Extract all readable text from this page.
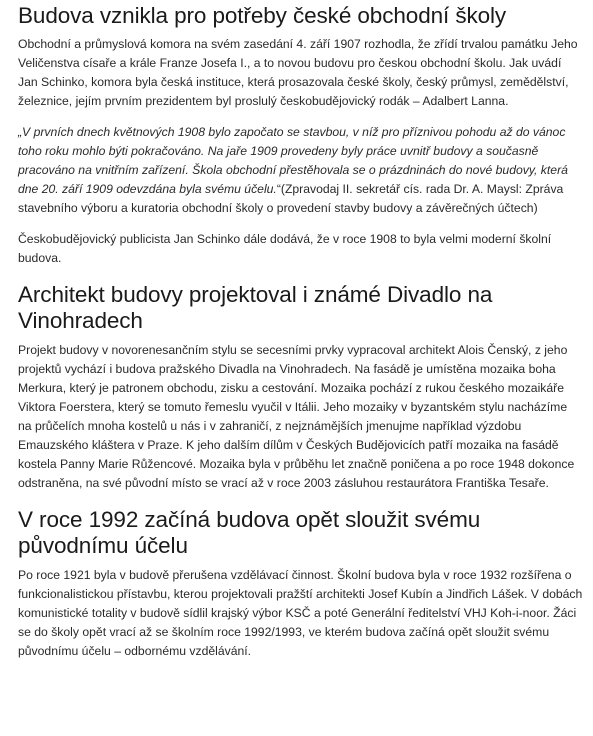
Budova vznikla pro potřeby české obchodní školy

Obchodní a průmyslová komora na svém zasedání 4. září 1907 rozhodla, že zřídí trvalou památku Jeho Veličenstva císaře a krále Franze Josefa I., a to novou budovu pro českou obchodní školu. Jak uvádí Jan Schinko, komora byla česká instituce, která prosazovala české školy, český průmysl, zemědělství, železnice, jejím prvním prezidentem byl proslulý českobudějovický rodák – Adalbert Lanna.

„V prvních dnech květnových 1908 bylo započato se stavbou, v níž pro příznivou pohodu až do vánoc toho roku mohlo býti pokračováno. Na jaře 1909 provedeny byly práce uvnitř budovy a současně pracováno na vnitřním zařízení. Škola obchodní přestěhovala se o prázdninách do nové budovy, která dne 20. září 1909 odevzdána byla svému účelu.“(Zpravodaj II. sekretář cís. rada Dr. A. Maysl: Zpráva stavebního výboru a kuratoria obchodní školy o provedení stavby budovy a závěrečných účtech)

Českobudějovický publicista Jan Schinko dále dodává, že v roce 1908 to byla velmi moderní školní budova.

Architekt budovy projektoval i známé Divadlo na Vinohradech

Projekt budovy v novorenesančním stylu se secesními prvky vypracoval architekt Alois Čenský, z jeho projektů vychází i budova pražského Divadla na Vinohradech. Na fasádě je umístěna mozaika boha Merkura, který je patronem obchodu, zisku a cestování. Mozaika pochází z rukou českého mozaikáře Viktora Foerstera, který se tomuto řemeslu vyučil v Itálii. Jeho mozaiky v byzantském stylu nacházíme na průčelích mnoha kostelů u nás i v zahraničí, z nejznámějších jmenujme například výzdobu Emauzského kláštera v Praze. K jeho dalším dílům v Českých Budějovicích patří mozaika na fasádě kostela Panny Marie Růžencové. Mozaika byla v průběhu let značně poničena a po roce 1948 dokonce odstraněna, na své původní místo se vrací až v roce 2003 zásluhou restaurátora Františka Tesaře.

V roce 1992 začíná budova opět sloužit svému původnímu účelu

Po roce 1921 byla v budově přerušena vzdělávací činnost. Školní budova byla v roce 1932 rozšířena o funkcionalistickou přístavbu, kterou projektovali pražští architekti Josef Kubín a Jindřich Lášek. V dobách komunistické totality v budově sídlil krajský výbor KSČ a poté Generální ředitelství VHJ Koh-i-noor. Žáci se do školy opět vrací až se školním roce 1992/1993, ve kterém budova začíná opět sloužit svému původnímu účelu – odbornému vzdělávání.
